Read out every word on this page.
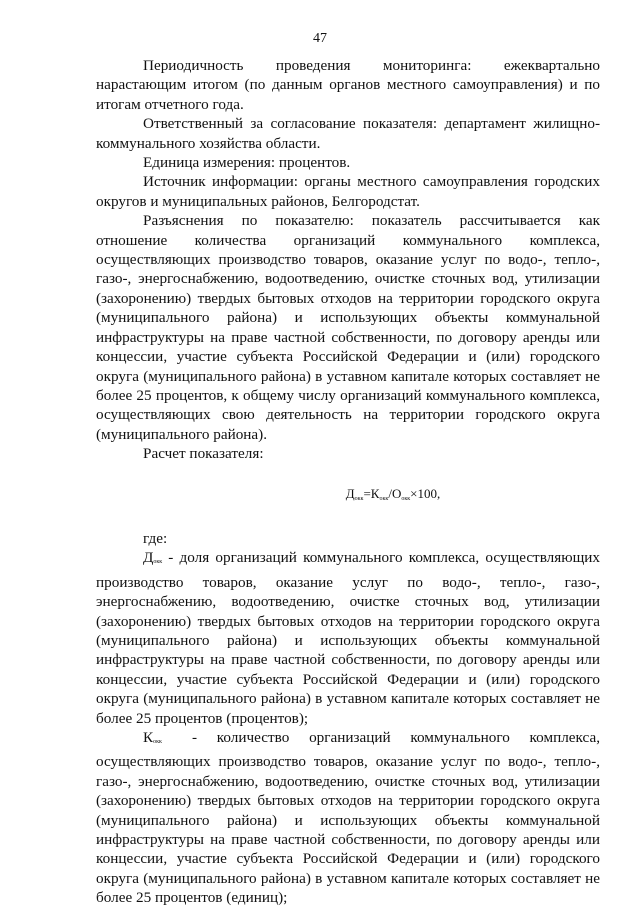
47

Периодичность проведения мониторинга: ежеквартально нарастающим итогом (по данным органов местного самоуправления) и по итогам отчетного года.

Ответственный за согласование показателя: департамент жилищно-коммунального хозяйства области.

Единица измерения: процентов.

Источник информации: органы местного самоуправления городских округов и муниципальных районов, Белгородстат.

Разъяснения по показателю: показатель рассчитывается как отношение количества организаций коммунального комплекса, осуществляющих производство товаров, оказание услуг по водо-, тепло-, газо-, энергоснабжению, водоотведению, очистке сточных вод, утилизации (захоронению) твердых бытовых отходов на территории городского округа (муниципального района) и использующих объекты коммунальной инфраструктуры на праве частной собственности, по договору аренды или концессии, участие субъекта Российской Федерации и (или) городского округа (муниципального района) в уставном капитале которых составляет не более 25 процентов, к общему числу организаций коммунального комплекса, осуществляющих свою деятельность на территории городского округа (муниципального района).

Расчет показателя:

$Д_{окк}=К_{окк}/О_{окк}\times 100$,

где:

$Д_{окк}$ - доля организаций коммунального комплекса, осуществляющих производство товаров, оказание услуг по водо-, тепло-, газо-, энергоснабжению, водоотведению, очистке сточных вод, утилизации (захоронению) твердых бытовых отходов на территории городского округа (муниципального района) и использующих объекты коммунальной инфраструктуры на праве частной собственности, по договору аренды или концессии, участие субъекта Российской Федерации и (или) городского округа (муниципального района) в уставном капитале которых составляет не более 25 процентов (процентов);

$К_{окк}$ - количество организаций коммунального комплекса, осуществляющих производство товаров, оказание услуг по водо-, тепло-, газо-, энергоснабжению, водоотведению, очистке сточных вод, утилизации (захоронению) твердых бытовых отходов на территории городского округа (муниципального района) и использующих объекты коммунальной инфраструктуры на праве частной собственности, по договору аренды или концессии, участие субъекта Российской Федерации и (или) городского округа (муниципального района) в уставном капитале которых составляет не более 25 процентов (единиц);
